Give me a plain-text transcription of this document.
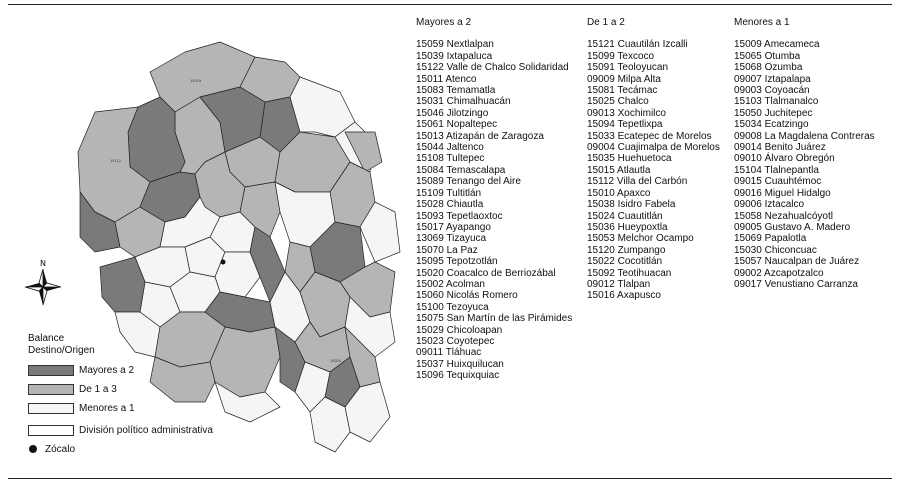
15019
15112
15025
N
Balance
Destino/Origen
Mayores a 2
De 1 a 3
Menores a 1
División político administrativa
Zócalo
Mayores a 2
15059 Nextlalpan
15039 Ixtapaluca
15122 Valle de Chalco Solidaridad
15011 Atenco
15083 Temamatla
15031 Chimalhuacán
15046 Jilotzingo
15061 Nopaltepec
15013 Atizapán de Zaragoza
15044 Jaltenco
15108 Tultepec
15084 Temascalapa
15089 Tenango del Aire
15109 Tultitlán
15028 Chiautla
15093 Tepetlaoxtoc
15017 Ayapango
13069 Tizayuca
15070 La Paz
15095 Tepotzotlán
15020 Coacalco de Berriozábal
15002 Acolman
15060 Nicolás Romero
15100 Tezoyuca
15075 San Martín de las Pirámides
15029 Chicoloapan
15023 Coyotepec
09011 Tláhuac
15037 Huixquilucan
15096 Tequixquiac
De 1 a 2
15121 Cuautilán Izcalli
15099 Texcoco
15091 Teoloyucan
09009 Milpa Alta
15081 Tecámac
15025 Chalco
09013 Xochimilco
15094 Tepetlixpa
15033 Ecatepec de Morelos
09004 Cuajimalpa de Morelos
15035 Huehuetoca
15015 Atlautla
15112 Villa del Carbón
15010 Apaxco
15038 Isidro Fabela
15024 Cuautitlán
15036 Hueypoxtla
15053 Melchor Ocampo
15120 Zumpango
15022 Cocotitlán
15092 Teotihuacan
09012 Tlalpan
15016 Axapusco
Menores a 1
15009 Amecameca
15065 Otumba
15068 Ozumba
09007 Iztapalapa
09003 Coyoacán
15103 Tlalmanalco
15050 Juchitepec
15034 Ecatzingo
09008 La Magdalena Contreras
09014 Benito Juárez
09010 Álvaro Obregón
15104 Tlalnepantla
09015 Cuauhtémoc
09016 Miguel Hidalgo
09006 Iztacalco
15058 Nezahualcóyotl
09005 Gustavo A. Madero
15069 Papalotla
15030 Chiconcuac
15057 Naucalpan de Juárez
09002 Azcapotzalco
09017 Venustiano Carranza
